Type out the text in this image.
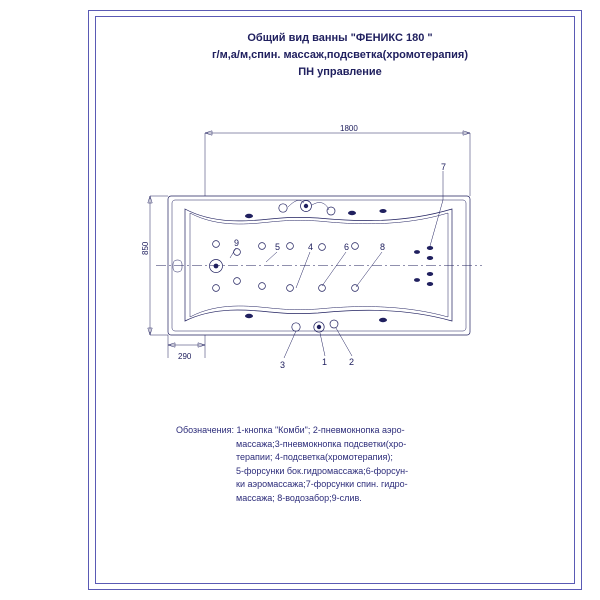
Общий вид ванны "ФЕНИКС 180 "
г/м,а/м,спин. массаж,подсветка(хромотерапия)
ПН управление
1800
850
290
7
9	5	4	6	8
3	1 2
Обозначения: 1-кнопка "Комби"; 2-пневмокнопка аэро-
массажа;3-пневмокнопка подсветки(хро-
терапии; 4-подсветка(хромотерапия);
5-форсунки бок.гидромассажа;6-форсун-
ки аэромассажа;7-форсунки спин. гидро-
массажа; 8-водозабор;9-слив.
